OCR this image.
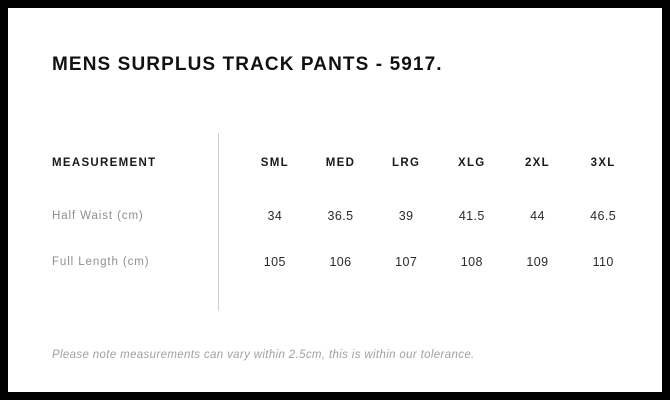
MENS SURPLUS TRACK PANTS - 5917.
MEASUREMENT	SML	MED	LRG	XLG	2XL	3XL
Half Waist (cm)	34	36.5	39	41.5	44	46.5
Full Length (cm)	105	106	107	108	109	110
Please note measurements can vary within 2.5cm, this is within our tolerance.
